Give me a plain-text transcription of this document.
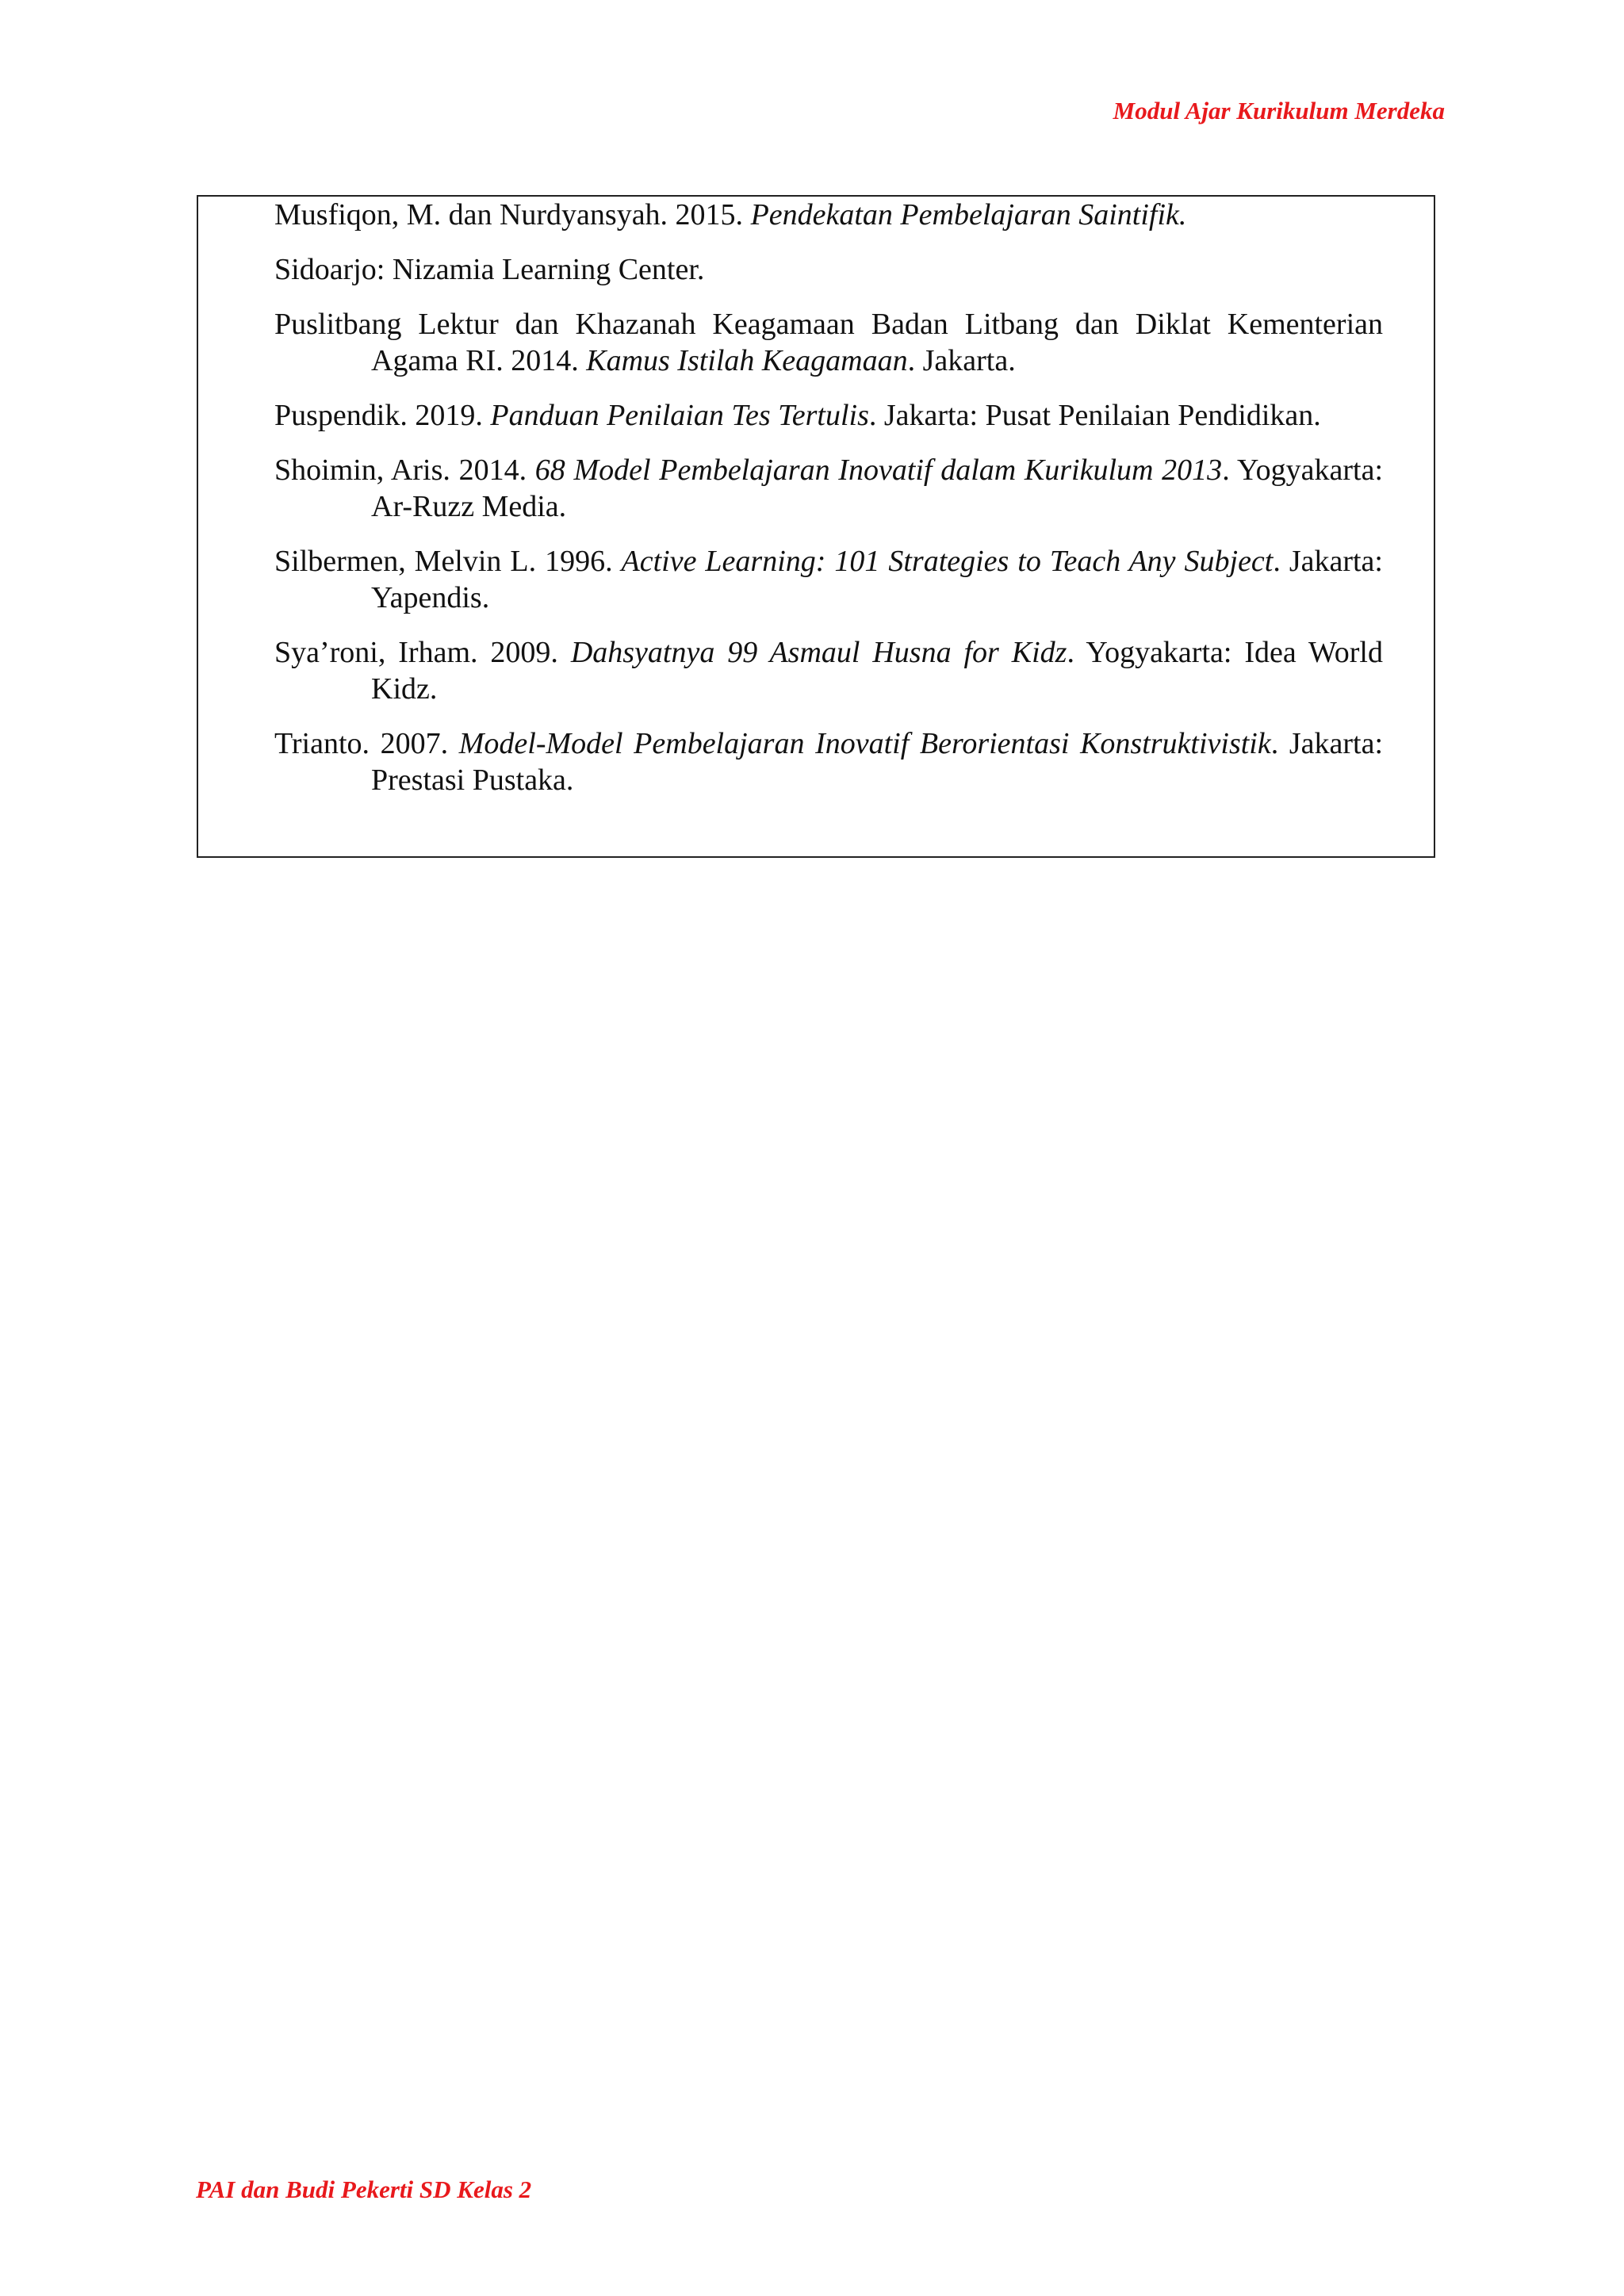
Modul Ajar Kurikulum Merdeka
Musfiqon, M. dan Nurdyansyah. 2015. Pendekatan Pembelajaran Saintifik.
Sidoarjo: Nizamia Learning Center.
Puslitbang Lektur dan Khazanah Keagamaan Badan Litbang dan Diklat Kementerian Agama RI. 2014. Kamus Istilah Keagamaan. Jakarta.
Puspendik. 2019. Panduan Penilaian Tes Tertulis. Jakarta: Pusat Penilaian Pendidikan.
Shoimin, Aris. 2014. 68 Model Pembelajaran Inovatif dalam Kurikulum 2013. Yogyakarta: Ar-Ruzz Media.
Silbermen, Melvin L. 1996. Active Learning: 101 Strategies to Teach Any Subject. Jakarta: Yapendis.
Sya’roni, Irham. 2009. Dahsyatnya 99 Asmaul Husna for Kidz. Yogyakarta: Idea World Kidz.
Trianto. 2007. Model-Model Pembelajaran Inovatif Berorientasi Konstruktivistik. Jakarta: Prestasi Pustaka.
PAI dan Budi Pekerti SD Kelas 2
